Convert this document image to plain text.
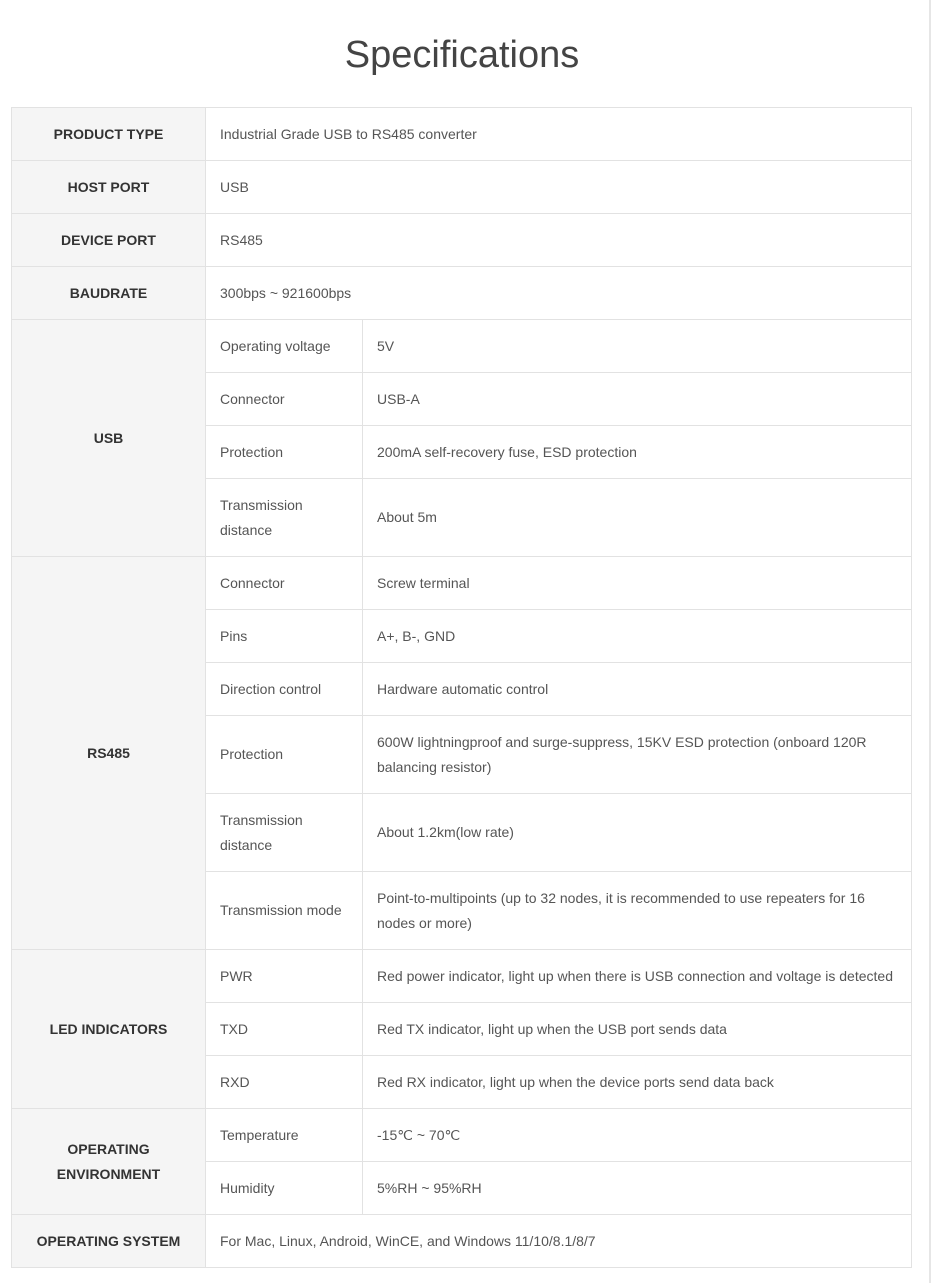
Specifications
PRODUCT TYPE	Industrial Grade USB to RS485 converter	
HOST PORT	USB	
DEVICE PORT	RS485	
BAUDRATE	300bps ~ 921600bps	
USB	Operating voltage	5V
	Connector	USB-A
	Protection	200mA self-recovery fuse, ESD protection
	Transmission distance	About 5m
RS485	Connector	Screw terminal
	Pins	A+, B-, GND
	Direction control	Hardware automatic control
	Protection	600W lightningproof and surge-suppress, 15KV ESD protection (onboard 120R balancing resistor)
	Transmission distance	About 1.2km(low rate)
	Transmission mode	Point-to-multipoints (up to 32 nodes, it is recommended to use repeaters for 16 nodes or more)
LED INDICATORS	PWR	Red power indicator, light up when there is USB connection and voltage is detected
	TXD	Red TX indicator, light up when the USB port sends data
	RXD	Red RX indicator, light up when the device ports send data back
OPERATING ENVIRONMENT	Temperature	-15℃ ~ 70℃
	Humidity	5%RH ~ 95%RH
OPERATING SYSTEM	For Mac, Linux, Android, WinCE, and Windows 11/10/8.1/8/7	
